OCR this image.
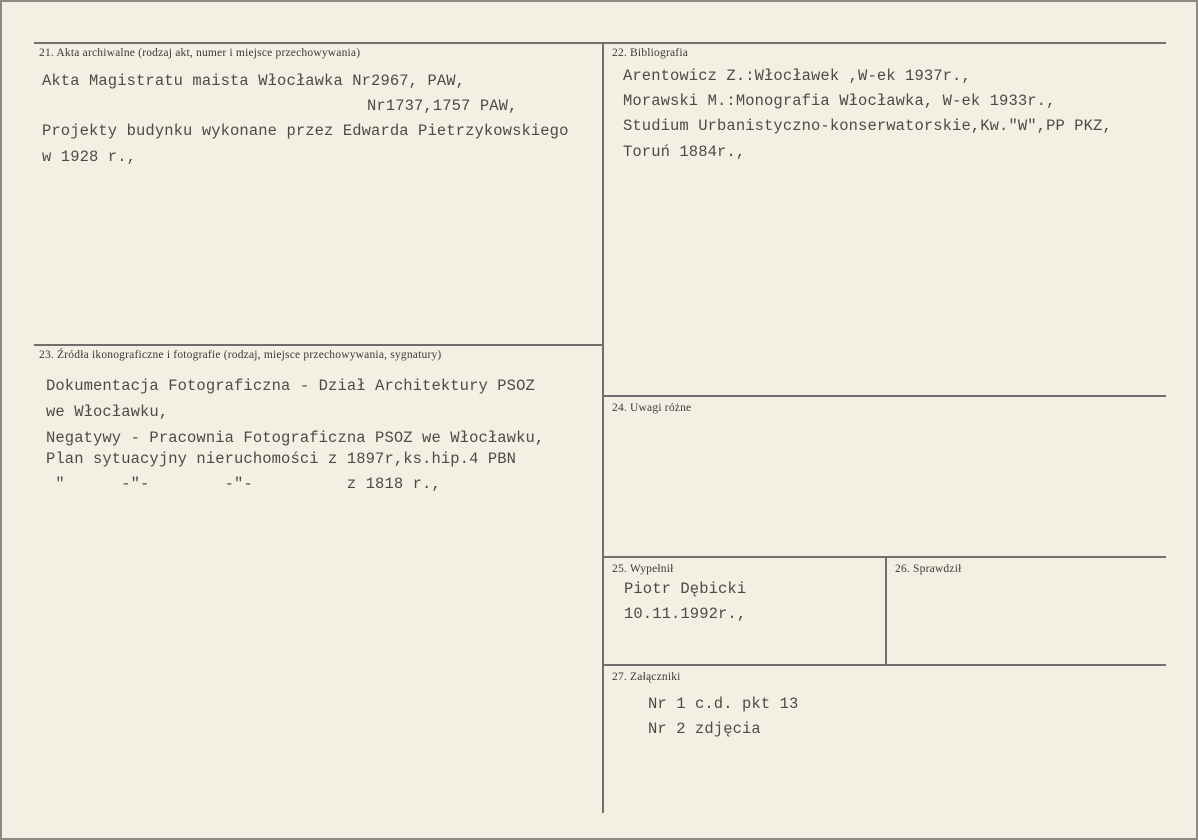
21. Akta archiwalne (rodzaj akt, numer i miejsce przechowywania)
Akta Magistratu maista Włocławka Nr2967, PAW,
Nr1737,1757 PAW,
Projekty budynku wykonane przez Edwarda Pietrzykowskiego
w 1928 r.,
22. Bibliografia
Arentowicz Z.:Włocławek ,W-ek 1937r.,
Morawski M.:Monografia Włocławka, W-ek 1933r.,
Studium Urbanistyczno-konserwatorskie,Kw."W",PP PKZ,
Toruń 1884r.,
23. Źródła ikonograficzne i fotografie (rodzaj, miejsce przechowywania, sygnatury)
Dokumentacja Fotograficzna - Dział Architektury PSOZ
we Włocławku,
Negatywy - Pracownia Fotograficzna PSOZ we Włocławku,
Plan sytuacyjny nieruchomości z 1897r,ks.hip.4 PBN
"      -"-        -"-          z 1818 r.,
24. Uwagi różne
25. Wypełnił
Piotr Dębicki
10.11.1992r.,
26. Sprawdził
27. Załączniki
Nr 1 c.d. pkt 13
Nr 2 zdjęcia
